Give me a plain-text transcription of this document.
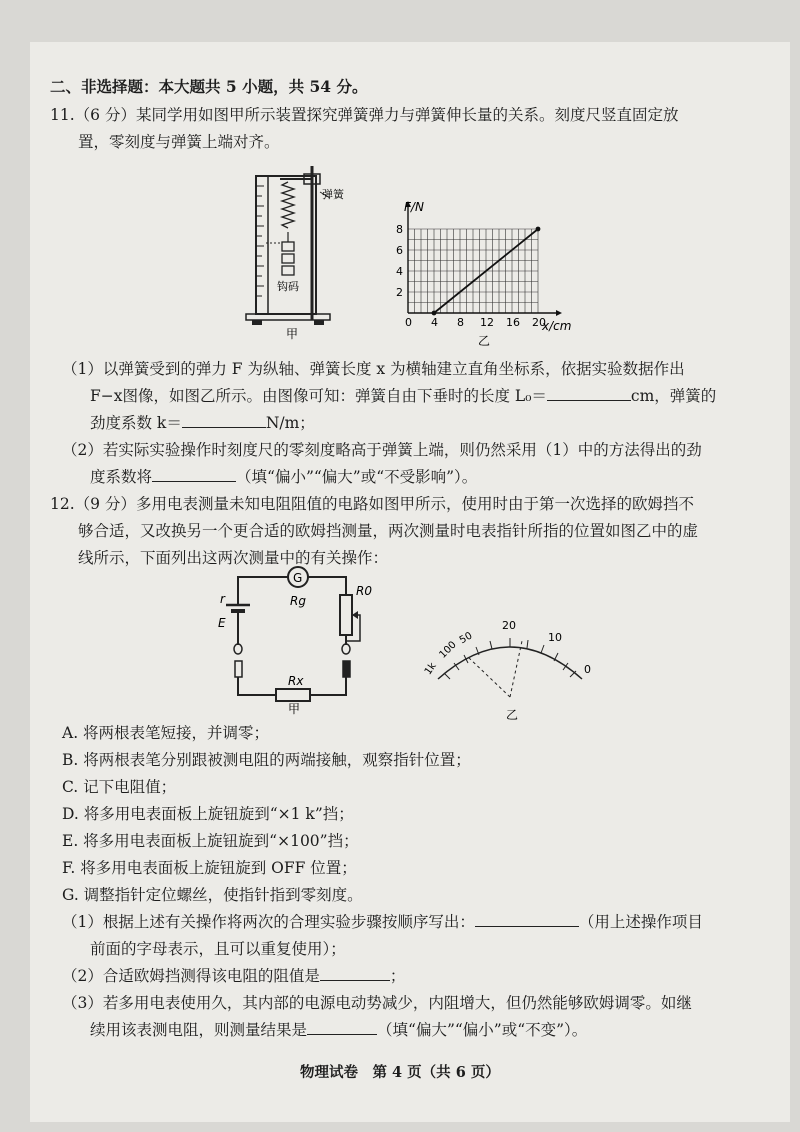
二、非选择题：本大题共 5 小题，共 54 分。
11.（6 分）某同学用如图甲所示装置探究弹簧弹力与弹簧伸长量的关系。刻度尺竖直固定放
置，零刻度与弹簧上端对齐。
弹簧
钩码
甲
0 4 8 12 16 20
2
4
6
8
F/N
x/cm
乙
（1）以弹簧受到的弹力 F 为纵轴、弹簧长度 x 为横轴建立直角坐标系，依据实验数据作出
F−x图像，如图乙所示。由图像可知：弹簧自由下垂时的长度 L₀＝	cm，弹簧的
劲度系数 k＝	N/m；
（2）若实际实验操作时刻度尺的零刻度略高于弹簧上端，则仍然采用（1）中的方法得出的劲
度系数将	（填“偏小”“偏大”或“不受影响”）。
12.（9 分）多用电表测量未知电阻阻值的电路如图甲所示，使用时由于第一次选择的欧姆挡不
够合适，又改换另一个更合适的欧姆挡测量，两次测量时电表指针所指的位置如图乙中的虚
线所示，下面列出这两次测量中的有关操作：
G
Rg
R0
r
E
Rx
甲
1k
100
50
20
10
0
乙
A. 将两根表笔短接，并调零；
B. 将两根表笔分别跟被测电阻的两端接触，观察指针位置；
C. 记下电阻值；
D. 将多用电表面板上旋钮旋到“×1 k”挡；
E. 将多用电表面板上旋钮旋到“×100”挡；
F. 将多用电表面板上旋钮旋到 OFF 位置；
G. 调整指针定位螺丝，使指针指到零刻度。
（1）根据上述有关操作将两次的合理实验步骤按顺序写出：	（用上述操作项目
前面的字母表示，且可以重复使用）；
（2）合适欧姆挡测得该电阻的阻值是	；
（3）若多用电表使用久，其内部的电源电动势减少，内阻增大，但仍然能够欧姆调零。如继
续用该表测电阻，则测量结果是	（填“偏大”“偏小”或“不变”）。
物理试卷　第 4 页（共 6 页）
